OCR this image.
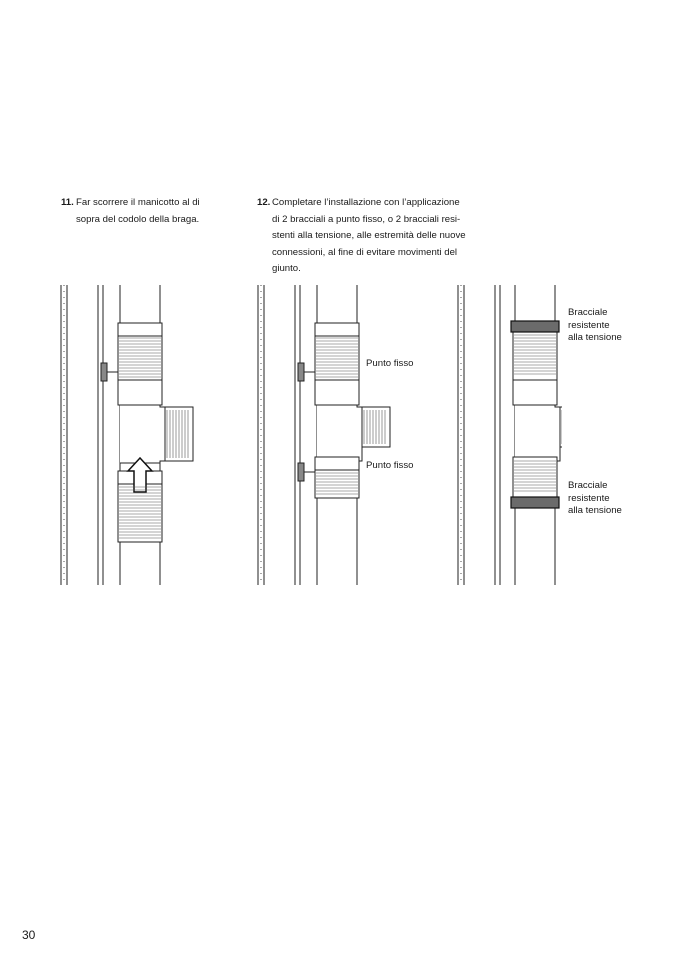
11. Far scorrere il manicotto al di
sopra del codolo della braga.
12. Completare l’installazione con l’applicazione
di 2 bracciali a punto fisso, o 2 bracciali resi-
stenti alla tensione, alle estremità delle nuove
connessioni, al fine di evitare movimenti del
giunto.
Punto fisso
Punto fisso
Bracciale
resistente
alla tensione
Bracciale
resistente
alla tensione
30
